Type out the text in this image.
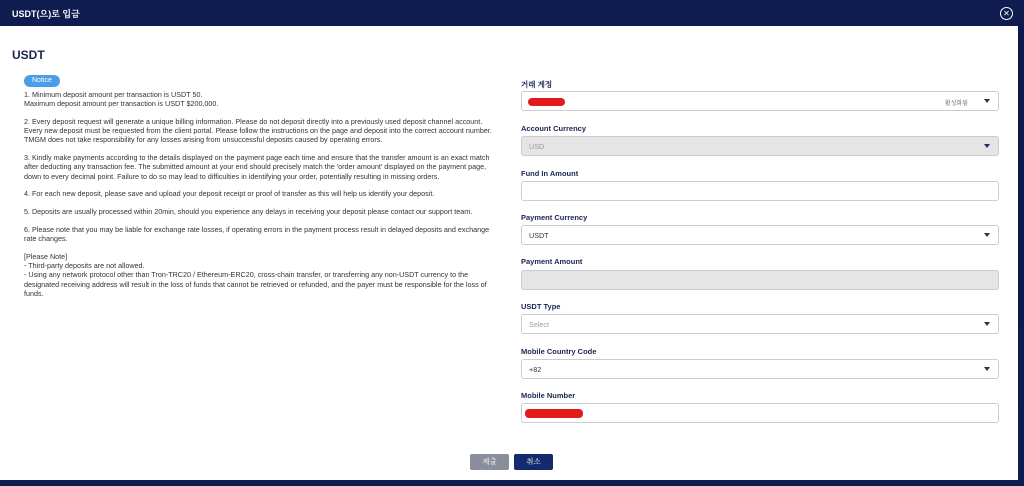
USDT(으)로 입금	✕
USDT
Notice

1. Minimum deposit amount per transaction is USDT 50.
Maximum deposit amount per transaction is USDT $200,000.

2. Every deposit request will generate a unique billing information. Please do not deposit directly into a previously used deposit channel account. Every new deposit must be requested from the client portal. Please follow the instructions on the page and deposit into the correct account number. TMGM does not take responsibility for any losses arising from unsuccessful deposits caused by operating errors.

3. Kindly make payments according to the details displayed on the payment page each time and ensure that the transfer amount is an exact match after deducting any transaction fee. The submitted amount at your end should precisely match the 'order amount' displayed on the payment page, down to every decimal point. Failure to do so may lead to difficulties in identifying your order, potentially resulting in missing orders.

4. For each new deposit, please save and upload your deposit receipt or proof of transfer as this will help us identify your deposit.

5. Deposits are usually processed within 20min, should you experience any delays in receiving your deposit please contact our support team.

6. Please note that you may be liable for exchange rate losses, if operating errors in the payment process result in delayed deposits and exchange rate changes.

[Please Note]
- Third-party deposits are not allowed.
- Using any network protocol other than Tron-TRC20 / Ethereum-ERC20, cross-chain transfer, or transferring any non-USDT currency to the designated receiving address will result in the loss of funds that cannot be retrieved or refunded, and the payer must be responsible for the loss of funds.

거래 계정
활성화됨
Account Currency
USD
Fund In Amount
Payment Currency
USDT
Payment Amount
USDT Type
Select
Mobile Country Code
+82
Mobile Number
제출	취소
